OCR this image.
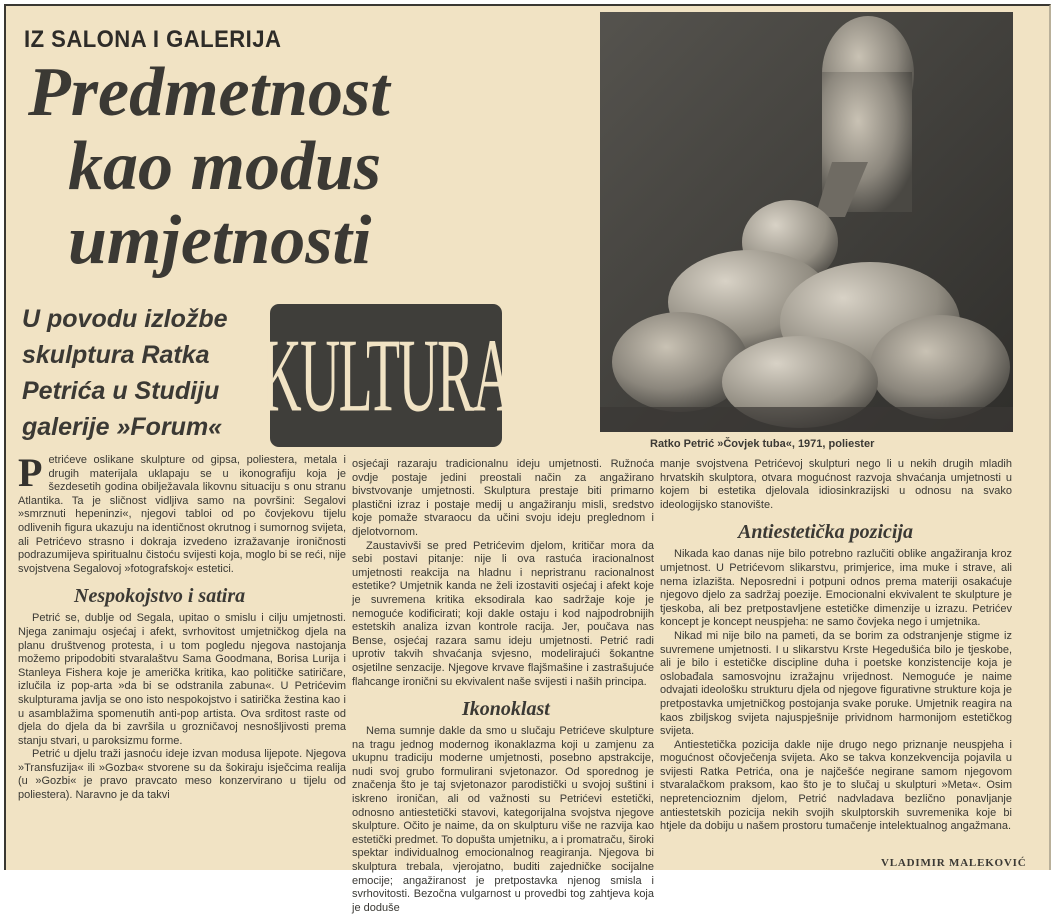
IZ SALONA I GALERIJA
Predmetnost
kao modus
umjetnosti
U povodu izložbe
skulptura Ratka
Petrića u Studiju
galerije »Forum« KULTURA
Ratko Petrić »Čovjek tuba«, 1971, poliester

Petrićeve oslikane skulpture od gipsa, poliestera, metala i drugih materijala uklapaju se u ikonografiju koja je šezdesetih godina obilježavala likovnu situaciju s onu stranu Atlantika. Ta je sličnost vidljiva samo na površini: Segalovi »smrznuti hepeninzi«, njegovi tabloi od po čovjekovu tijelu odlivenih figura ukazuju na identičnost okrutnog i sumornog svijeta, ali Petrićevo strasno i dokraja izvedeno izražavanje ironičnosti podrazumijeva spiritualnu čistoću svijesti koja, moglo bi se reći, nije svojstvena Segalovoj »fotografskoj« estetici.

Nespokojstvo i satira

Petrić se, dublje od Segala, upitao o smislu i cilju umjetnosti. Njega zanimaju osjećaj i afekt, svrhovitost umjetničkog djela na planu društvenog protesta, i u tom pogledu njegova nastojanja možemo pripodobiti stvaralaštvu Sama Goodmana, Borisa Lurija i Stanleya Fishera koje je američka kritika, kao političke satiričare, izlučila iz pop-arta »da bi se odstranila zabuna«. U Petrićevim skulpturama javlja se ono isto nespokojstvo i satirička žestina kao i u asamblažima spomenutih anti-pop artista. Ova srditost raste od djela do djela da bi završila u grozničavoj nesnošljivosti prema stanju stvari, u paroksizmu forme.

Petrić u djelu traži jasnoću ideje izvan modusa lijepote. Njegova »Transfuzija« ili »Gozba« stvorene su da šokiraju isječcima realija (u »Gozbi« je pravo pravcato meso konzervirano u tijelu od poliestera). Naravno je da takvi

osjećaji razaraju tradicionalnu ideju umjetnosti. Ružnoća ovdje postaje jedini preostali način za angažirano bivstvovanje umjetnosti. Skulptura prestaje biti primarno plastični izraz i postaje medij u angažiranju misli, sredstvo koje pomaže stvaraocu da učini svoju ideju preglednom i djelotvornom.

Zaustavivši se pred Petrićevim djelom, kritičar mora da sebi postavi pitanje: nije li ova rastuća iracionalnost umjetnosti reakcija na hladnu i nepristranu racionalnost estetike? Umjetnik kanda ne želi izostaviti osjećaj i afekt koje je suvremena kritika eksodirala kao sadržaje koje je nemoguće kodificirati; koji dakle ostaju i kod najpodrobnijih estetskih analiza izvan kontrole racija. Jer, poučava nas Bense, osjećaj razara samu ideju umjetnosti. Petrić radi uprotiv takvih shvaćanja svjesno, modelirajući šokantne osjetilne senzacije. Njegove krvave flajšmašine i zastrašujuće flahcange ironični su ekvivalent naše svijesti i naših principa.

Ikonoklast

Nema sumnje dakle da smo u slučaju Petrićeve skulpture na tragu jednog modernog ikonaklazma koji u zamjenu za ukupnu tradiciju moderne umjetnosti, posebno apstrakcije, nudi svoj grubo formulirani svjetonazor. Od sporednog je značenja što je taj svjetonazor parodistički u svojoj suštini i iskreno ironičan, ali od važnosti su Petrićevi estetički, odnosno antiestetički stavovi, kategorijalna svojstva njegove skulpture. Očito je naime, da on skulpturu više ne razvija kao estetički predmet. To dopušta umjetniku, a i promatraču, široki spektar individualnog emocionalnog reagiranja. Njegova bi skulptura trebala, vjerojatno, buditi zajedničke socijalne emocije; angažiranost je pretpostavka njenog smisla i svrhovitosti. Bezočna vulgarnost u provedbi tog zahtjeva koja je doduše

manje svojstvena Petrićevoj skulpturi nego li u nekih drugih mladih hrvatskih skulptora, otvara mogućnost razvoja shvaćanja umjetnosti u kojem bi estetika djelovala idiosinkrazijski u odnosu na svako ideologijsko stanovište.

Antiestetička pozicija

Nikada kao danas nije bilo potrebno razlučiti oblike angažiranja kroz umjetnost. U Petrićevom slikarstvu, primjerice, ima muke i strave, ali nema izlazišta. Neposredni i potpuni odnos prema materiji osakaćuje njegovo djelo za sadržaj poezije. Emocionalni ekvivalent te skulpture je tjeskoba, ali bez pretpostavljene estetičke dimenzije u izrazu. Petrićev koncept je koncept neuspjeha: ne samo čovjeka nego i umjetnika.

Nikad mi nije bilo na pameti, da se borim za odstranjenje stigme iz suvremene umjetnosti. I u slikarstvu Krste Hegedušića bilo je tjeskobe, ali je bilo i estetičke discipline duha i poetske konzistencije koja je oslobađala samosvojnu izražajnu vrijednost. Nemoguće je naime odvajati ideološku strukturu djela od njegove figurativne strukture koja je pretpostavka umjetničkog postojanja svake poruke. Umjetnik reagira na kaos zbiljskog svijeta najuspješnije prividnom harmonijom estetičkog svijeta.

Antiestetička pozicija dakle nije drugo nego priznanje neuspjeha i mogućnost očovječenja svijeta. Ako se takva konzekvencija pojavila u svijesti Ratka Petrića, ona je najčešće negirane samom njegovom stvaralačkom praksom, kao što je to slučaj u skulpturi »Meta«. Osim nepretencioznim djelom, Petrić nadvladava bezlično ponavljanje antiestetskih pozicija nekih svojih skulptorskih suvremenika koje bi htjele da dobiju u našem prostoru tumačenje intelektualnog angažmana.

VLADIMIR MALEKOVIĆ
